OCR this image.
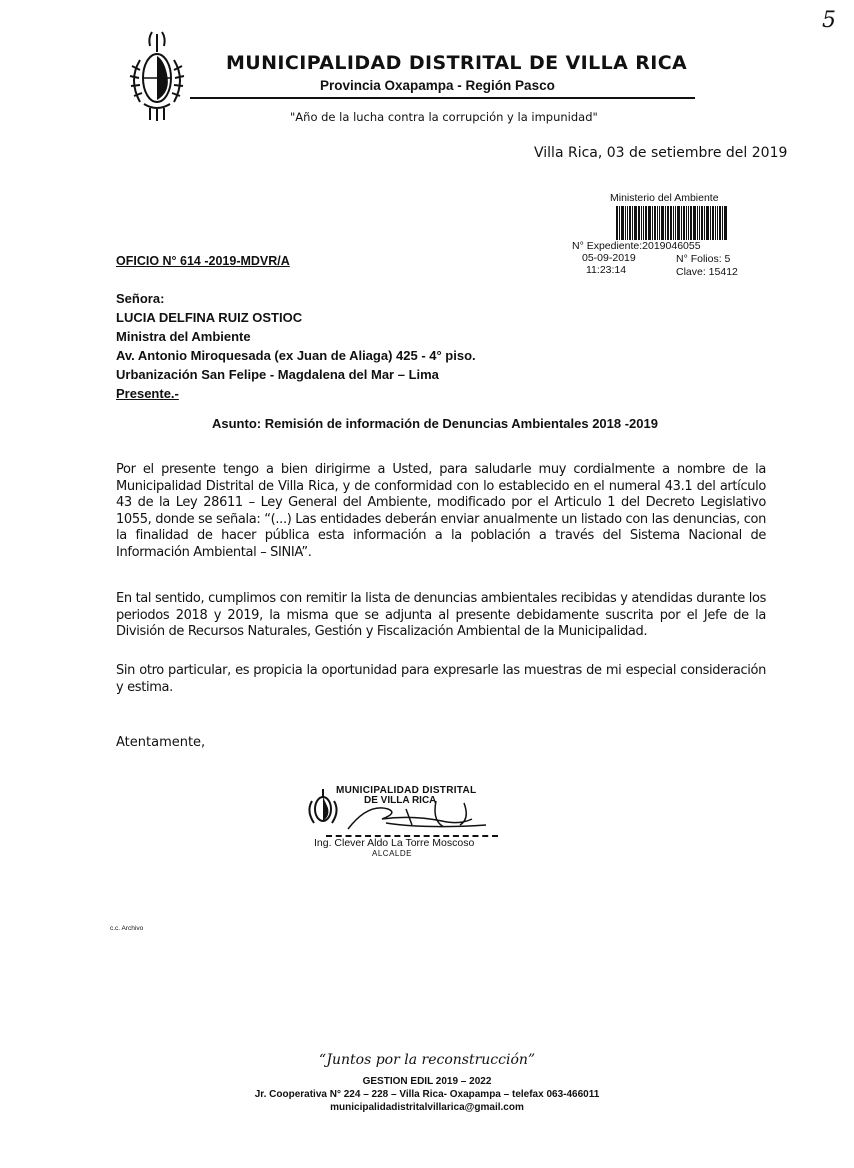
5
MUNICIPALIDAD DISTRITAL DE VILLA RICA
Provincia Oxapampa - Región Pasco
"Año de la lucha contra la corrupción y la impunidad"
Villa Rica, 03 de setiembre del 2019
Ministerio del Ambiente
N° Expediente:2019046055
05-09-2019
11:23:14
N° Folios: 5
Clave: 15412
OFICIO N° 614 -2019-MDVR/A
Señora:
LUCIA DELFINA RUIZ OSTIOC
Ministra del Ambiente
Av. Antonio Miroquesada (ex Juan de Aliaga) 425 - 4° piso.
Urbanización San Felipe - Magdalena del Mar – Lima
Presente.-
Asunto: Remisión de información de Denuncias Ambientales 2018 -2019
Por el presente tengo a bien dirigirme a Usted, para saludarle muy cordialmente a nombre de la Municipalidad Distrital de Villa Rica, y de conformidad con lo establecido en el numeral 43.1 del artículo 43 de la Ley 28611 – Ley General del Ambiente, modificado por el Articulo 1 del Decreto Legislativo 1055, donde se señala: “(...) Las entidades deberán enviar anualmente un listado con las denuncias, con la finalidad de hacer pública esta información a la población a través del Sistema Nacional de Información Ambiental – SINIA”.
En tal sentido, cumplimos con remitir la lista de denuncias ambientales recibidas y atendidas durante los periodos 2018 y 2019, la misma que se adjunta al presente debidamente suscrita por el Jefe de la División de Recursos Naturales, Gestión y Fiscalización Ambiental de la Municipalidad.
Sin otro particular, es propicia la oportunidad para expresarle las muestras de mi especial consideración y estima.
Atentamente,
MUNICIPALIDAD DISTRITAL
DE VILLA RICA
Ing. Clever Aldo La Torre Moscoso
ALCALDE
c.c. Archivo
“Juntos por la reconstrucción”
GESTION EDIL 2019 – 2022
Jr. Cooperativa N° 224 – 228 – Villa Rica- Oxapampa – telefax 063-466011
municipalidadistritalvillarica@gmail.com
